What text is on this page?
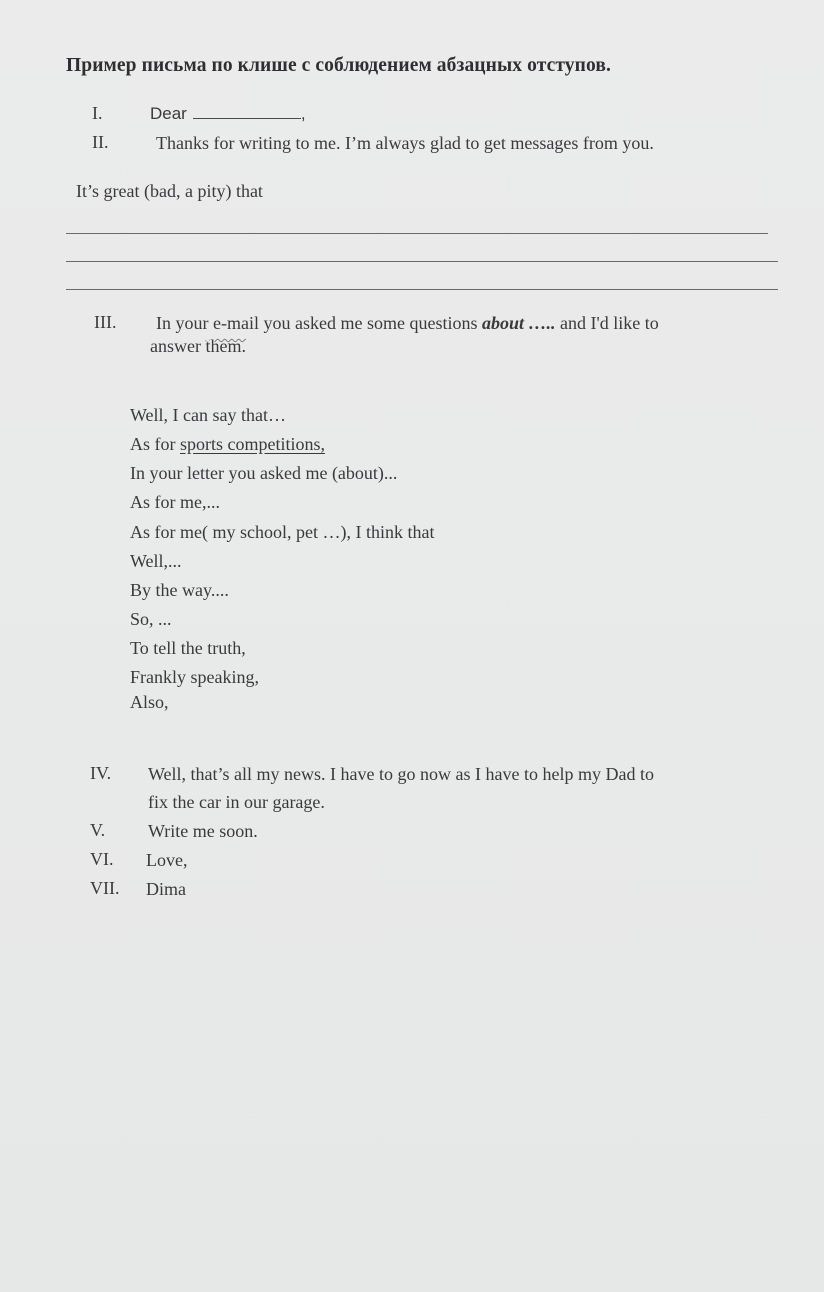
Пример письма по клише с соблюдением абзацных отступов.
I.	Dear	,
II.	Thanks for writing to me. I’m always glad to get messages from you.
It’s great (bad, a pity) that
III. In your e-mail you asked me some questions about ….. and I'd like to
answer them.
Well, I can say that…
As for sports competitions,
In your letter you asked me (about)...
As for me,...
As for me( my school, pet …), I think that
Well,...
By the way....
So, ...
To tell the truth,
Frankly speaking,
Also,
IV. Well, that’s all my news. I have to go now as I have to help my Dad to
fix the car in our garage.
V. Write me soon.
VI. Love,
VII. Dima
